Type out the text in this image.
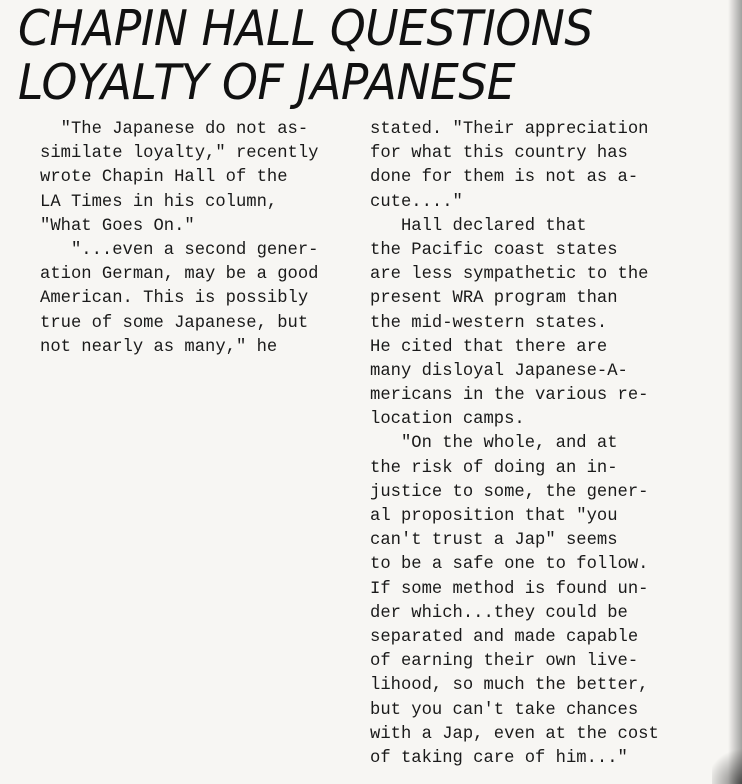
CHAPIN HALL QUESTIONS
LOYALTY OF JAPANESE
"The Japanese do not as-
similate loyalty," recently
wrote Chapin Hall of the
LA Times in his column,
"What Goes On."
"...even a second gener-
ation German, may be a good
American. This is possibly
true of some Japanese, but
not nearly as many," he
stated. "Their appreciation
for what this country has
done for them is not as a-
cute...."
Hall declared that
the Pacific coast states
are less sympathetic to the
present WRA program than
the mid-western states.
He cited that there are
many disloyal Japanese-A-
mericans in the various re-
location camps.
"On the whole, and at
the risk of doing an in-
justice to some, the gener-
al proposition that "you
can't trust a Jap" seems
to be a safe one to follow.
If some method is found un-
der which...they could be
separated and made capable
of earning their own live-
lihood, so much the better,
but you can't take chances
with a Jap, even at the cost
of taking care of him..."
